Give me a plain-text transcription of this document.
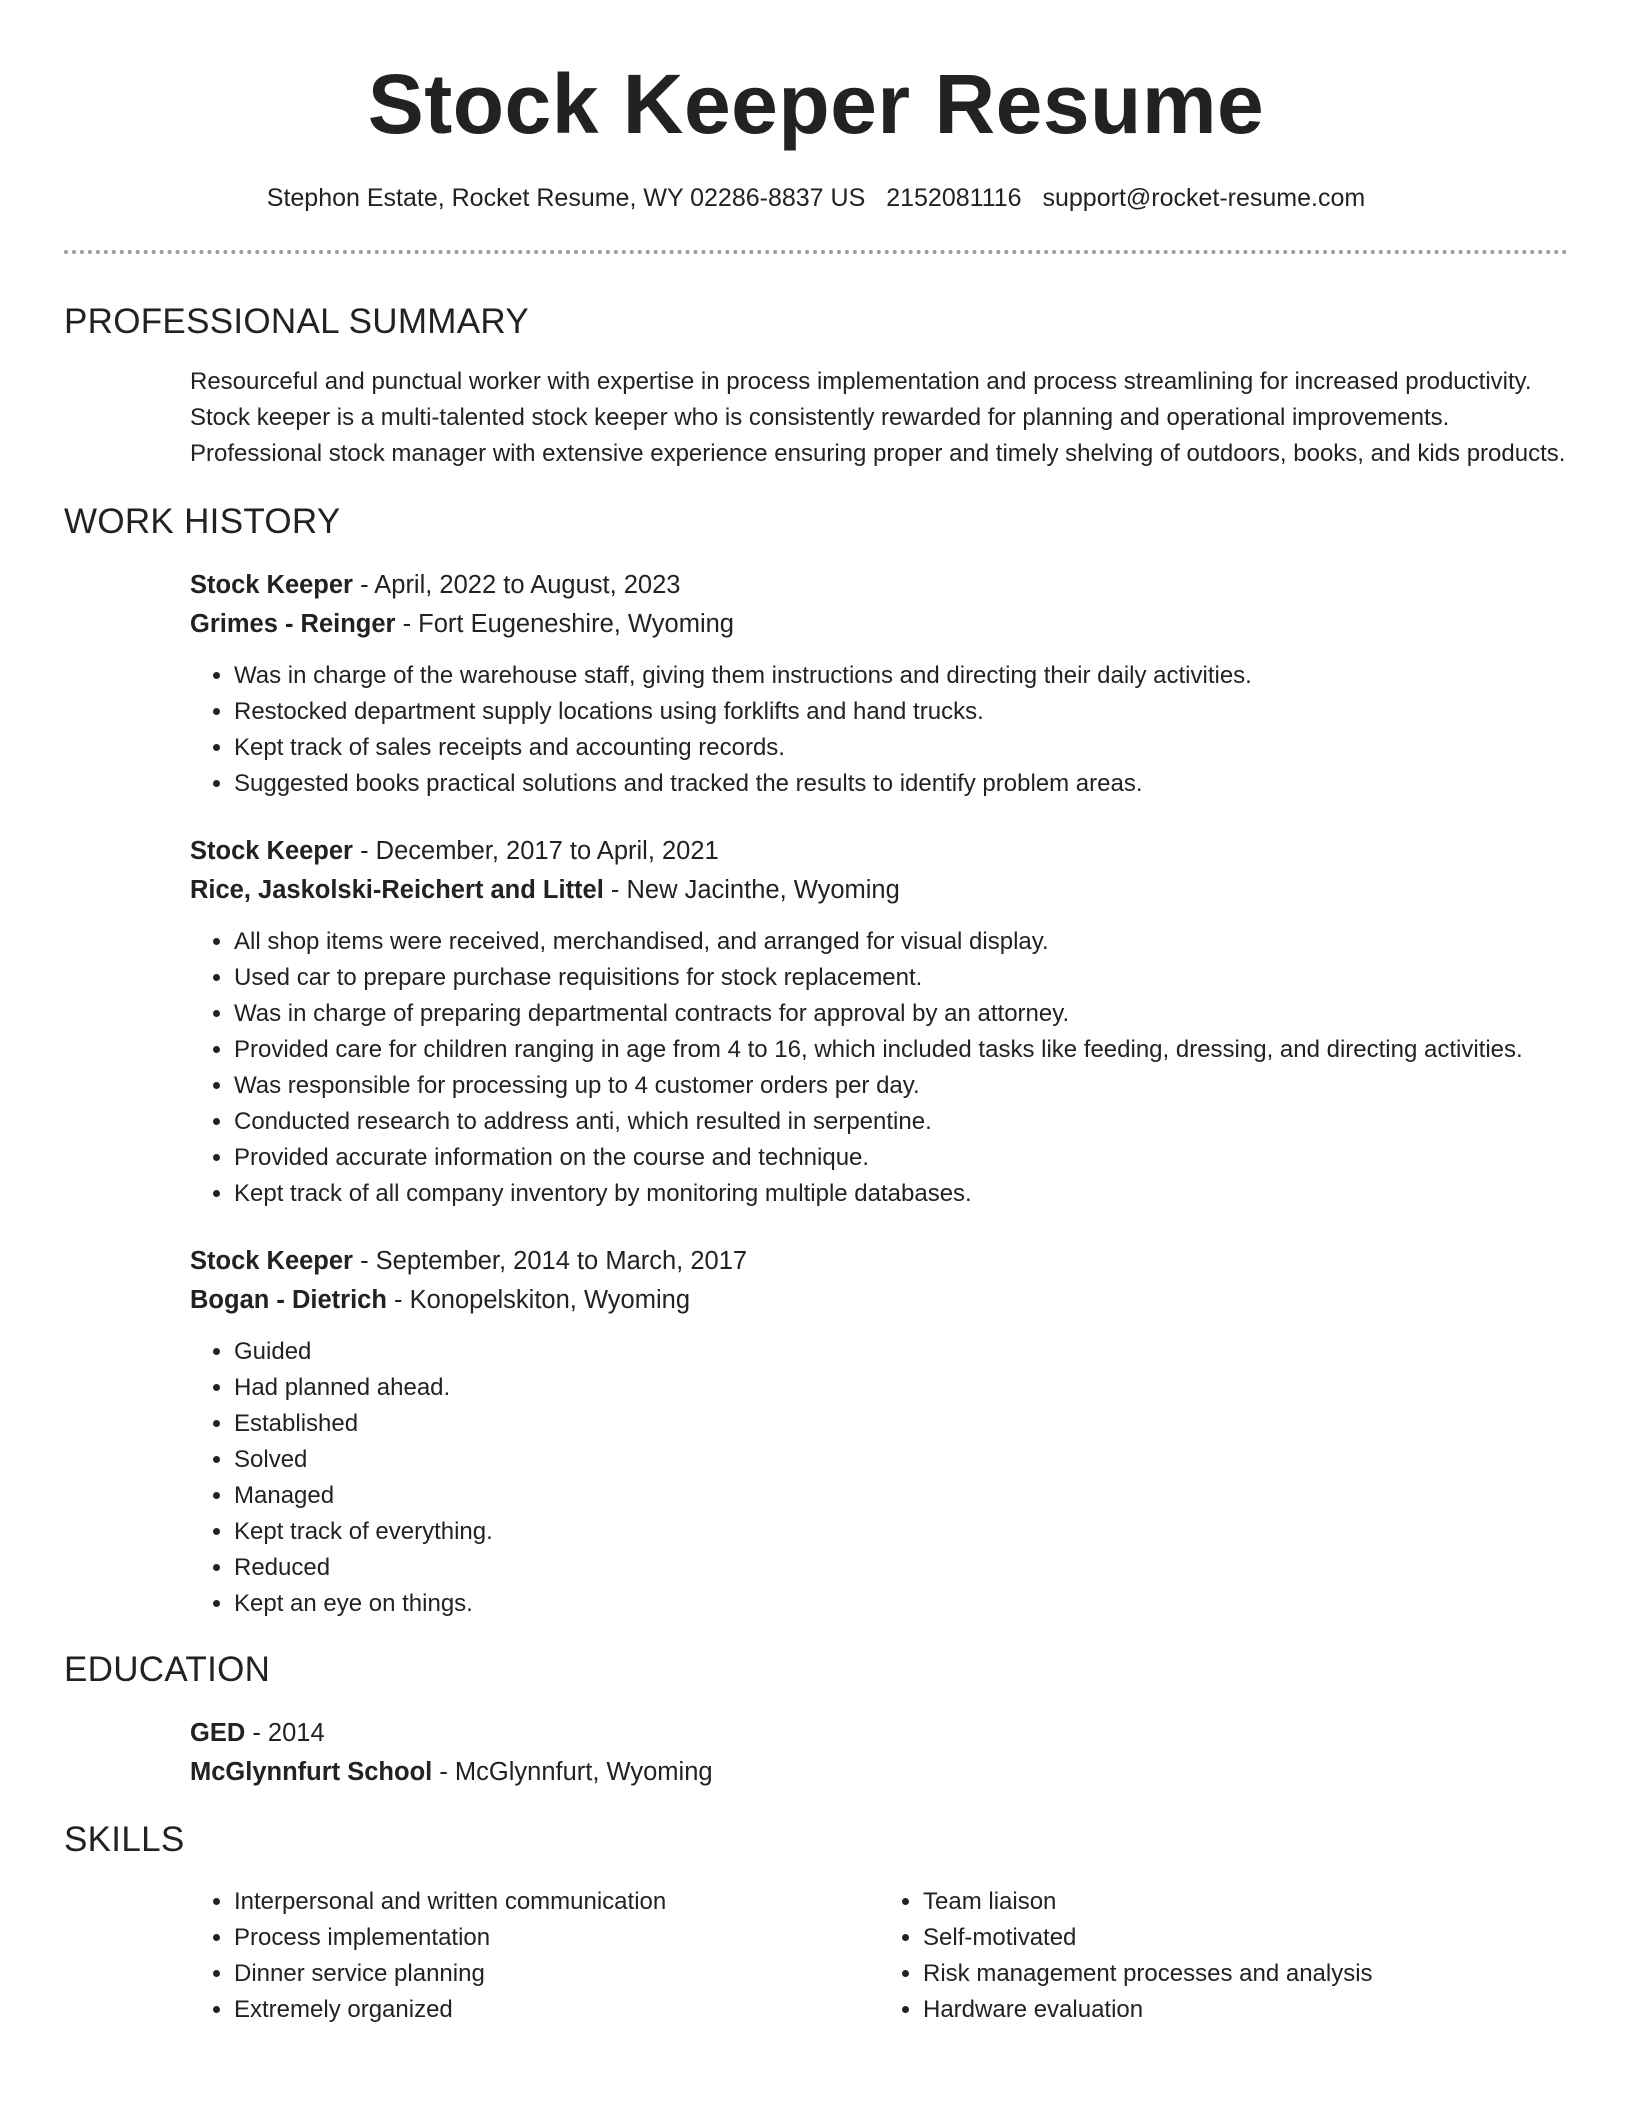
Stock Keeper Resume
Stephon Estate, Rocket Resume, WY 02286-8837 US 2152081116 support@rocket-resume.com
PROFESSIONAL SUMMARY

Resourceful and punctual worker with expertise in process implementation and process streamlining for increased productivity. Stock keeper is a multi-talented stock keeper who is consistently rewarded for planning and operational improvements. Professional stock manager with extensive experience ensuring proper and timely shelving of outdoors, books, and kids products.

WORK HISTORY
Stock Keeper - April, 2022 to August, 2023
Grimes - Reinger - Fort Eugeneshire, Wyoming
• Was in charge of the warehouse staff, giving them instructions and directing their daily activities.
• Restocked department supply locations using forklifts and hand trucks.
• Kept track of sales receipts and accounting records.
• Suggested books practical solutions and tracked the results to identify problem areas.
Stock Keeper - December, 2017 to April, 2021
Rice, Jaskolski-Reichert and Littel - New Jacinthe, Wyoming
• All shop items were received, merchandised, and arranged for visual display.
• Used car to prepare purchase requisitions for stock replacement.
• Was in charge of preparing departmental contracts for approval by an attorney.
• Provided care for children ranging in age from 4 to 16, which included tasks like feeding, dressing, and directing activities.
• Was responsible for processing up to 4 customer orders per day.
• Conducted research to address anti, which resulted in serpentine.
• Provided accurate information on the course and technique.
• Kept track of all company inventory by monitoring multiple databases.
Stock Keeper - September, 2014 to March, 2017
Bogan - Dietrich - Konopelskiton, Wyoming
• Guided
• Had planned ahead.
• Established
• Solved
• Managed
• Kept track of everything.
• Reduced
• Kept an eye on things.
EDUCATION
GED - 2014
McGlynnfurt School - McGlynnfurt, Wyoming
SKILLS
• Interpersonal and written communication
• Process implementation
• Dinner service planning
• Extremely organized
• Team liaison
• Self-motivated
• Risk management processes and analysis
• Hardware evaluation
